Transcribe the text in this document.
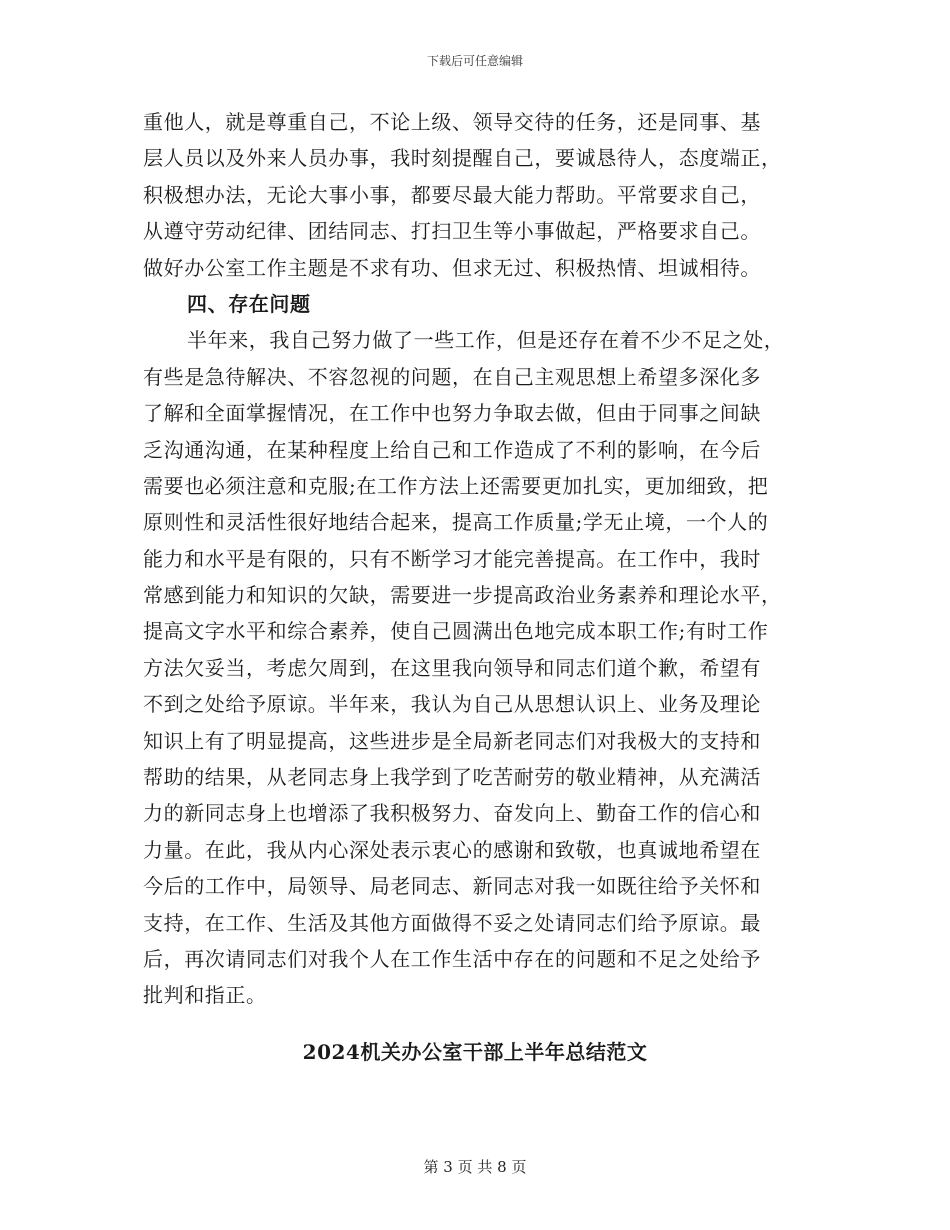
下载后可任意编辑
重他人，就是尊重自己，不论上级、领导交待的任务，还是同事、基
层人员以及外来人员办事，我时刻提醒自己，要诚恳待人，态度端正，
积极想办法，无论大事小事，都要尽最大能力帮助。平常要求自己，
从遵守劳动纪律、团结同志、打扫卫生等小事做起，严格要求自己。
做好办公室工作主题是不求有功、但求无过、积极热情、坦诚相待。
四、存在问题
半年来，我自己努力做了一些工作，但是还存在着不少不足之处，
有些是急待解决、不容忽视的问题，在自己主观思想上希望多深化多
了解和全面掌握情况，在工作中也努力争取去做，但由于同事之间缺
乏沟通沟通，在某种程度上给自己和工作造成了不利的影响，在今后
需要也必须注意和克服;在工作方法上还需要更加扎实，更加细致，把
原则性和灵活性很好地结合起来，提高工作质量;学无止境，一个人的
能力和水平是有限的，只有不断学习才能完善提高。在工作中，我时
常感到能力和知识的欠缺，需要进一步提高政治业务素养和理论水平，
提高文字水平和综合素养，使自己圆满出色地完成本职工作;有时工作
方法欠妥当，考虑欠周到，在这里我向领导和同志们道个歉，希望有
不到之处给予原谅。半年来，我认为自己从思想认识上、业务及理论
知识上有了明显提高，这些进步是全局新老同志们对我极大的支持和
帮助的结果，从老同志身上我学到了吃苦耐劳的敬业精神，从充满活
力的新同志身上也增添了我积极努力、奋发向上、勤奋工作的信心和
力量。在此，我从内心深处表示衷心的感谢和致敬，也真诚地希望在
今后的工作中，局领导、局老同志、新同志对我一如既往给予关怀和
支持，在工作、生活及其他方面做得不妥之处请同志们给予原谅。最
后，再次请同志们对我个人在工作生活中存在的问题和不足之处给予
批判和指正。
2024机关办公室干部上半年总结范文
第 3 页 共 8 页
